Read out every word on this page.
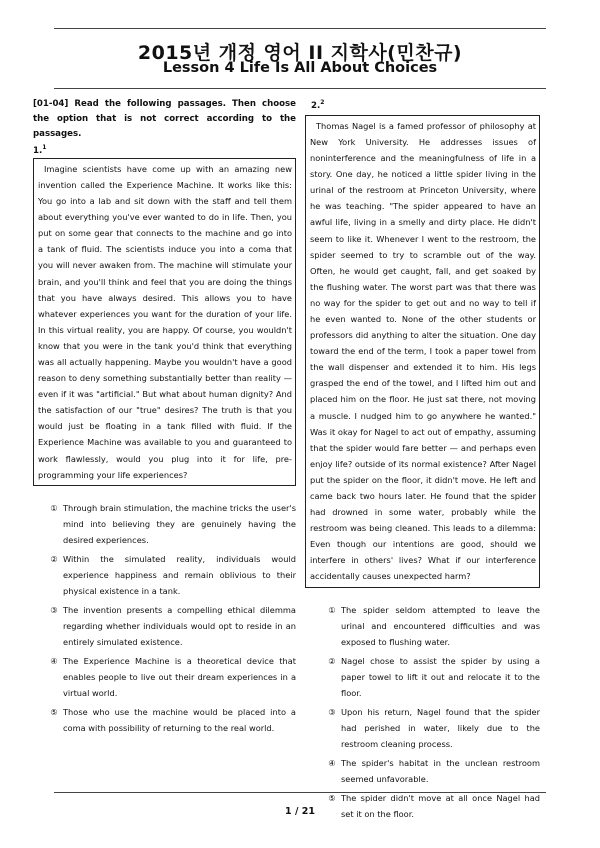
2015년 개정 영어 II 지학사(민찬규)
Lesson 4 Life Is All About Choices
[01-04] Read the following passages. Then choose the option that is not correct according to the passages.
1.$^1$

Imagine scientists have come up with an amazing new invention called the Experience Machine. It works like this: You go into a lab and sit down with the staff and tell them about everything you've ever wanted to do in life. Then, you put on some gear that connects to the machine and go into a tank of fluid. The scientists induce you into a coma that you will never awaken from. The machine will stimulate your brain, and you'll think and feel that you are doing the things that you have always desired. This allows you to have whatever experiences you want for the duration of your life. In this virtual reality, you are happy. Of course, you wouldn't know that you were in the tank you'd think that everything was all actually happening. Maybe you wouldn't have a good reason to deny something substantially better than reality — even if it was "artificial." But what about human dignity? And the satisfaction of our "true" desires? The truth is that you would just be floating in a tank filled with fluid. If the Experience Machine was available to you and guaranteed to work flawlessly, would you plug into it for life, pre-programming your life experiences?

① Through brain stimulation, the machine tricks the user's mind into believing they are genuinely having the desired experiences.
② Within the simulated reality, individuals would experience happiness and remain oblivious to their physical existence in a tank.
③ The invention presents a compelling ethical dilemma regarding whether individuals would opt to reside in an entirely simulated existence.
④ The Experience Machine is a theoretical device that enables people to live out their dream experiences in a virtual world.
⑤ Those who use the machine would be placed into a coma with possibility of returning to the real world.
2.$^2$

Thomas Nagel is a famed professor of philosophy at New York University. He addresses issues of noninterference and the meaningfulness of life in a story. One day, he noticed a little spider living in the urinal of the restroom at Princeton University, where he was teaching. "The spider appeared to have an awful life, living in a smelly and dirty place. He didn't seem to like it. Whenever I went to the restroom, the spider seemed to try to scramble out of the way. Often, he would get caught, fall, and get soaked by the flushing water. The worst part was that there was no way for the spider to get out and no way to tell if he even wanted to. None of the other students or professors did anything to alter the situation. One day toward the end of the term, I took a paper towel from the wall dispenser and extended it to him. His legs grasped the end of the towel, and I lifted him out and placed him on the floor. He just sat there, not moving a muscle. I nudged him to go anywhere he wanted." Was it okay for Nagel to act out of empathy, assuming that the spider would fare better — and perhaps even enjoy life? outside of its normal existence? After Nagel put the spider on the floor, it didn't move. He left and came back two hours later. He found that the spider had drowned in some water, probably while the restroom was being cleaned. This leads to a dilemma: Even though our intentions are good, should we interfere in others' lives? What if our interference accidentally causes unexpected harm?

① The spider seldom attempted to leave the urinal and encountered difficulties and was exposed to flushing water.
② Nagel chose to assist the spider by using a paper towel to lift it out and relocate it to the floor.
③ Upon his return, Nagel found that the spider had perished in water, likely due to the restroom cleaning process.
④ The spider's habitat in the unclean restroom seemed unfavorable.
⑤ The spider didn't move at all once Nagel had set it on the floor.
1 / 21
